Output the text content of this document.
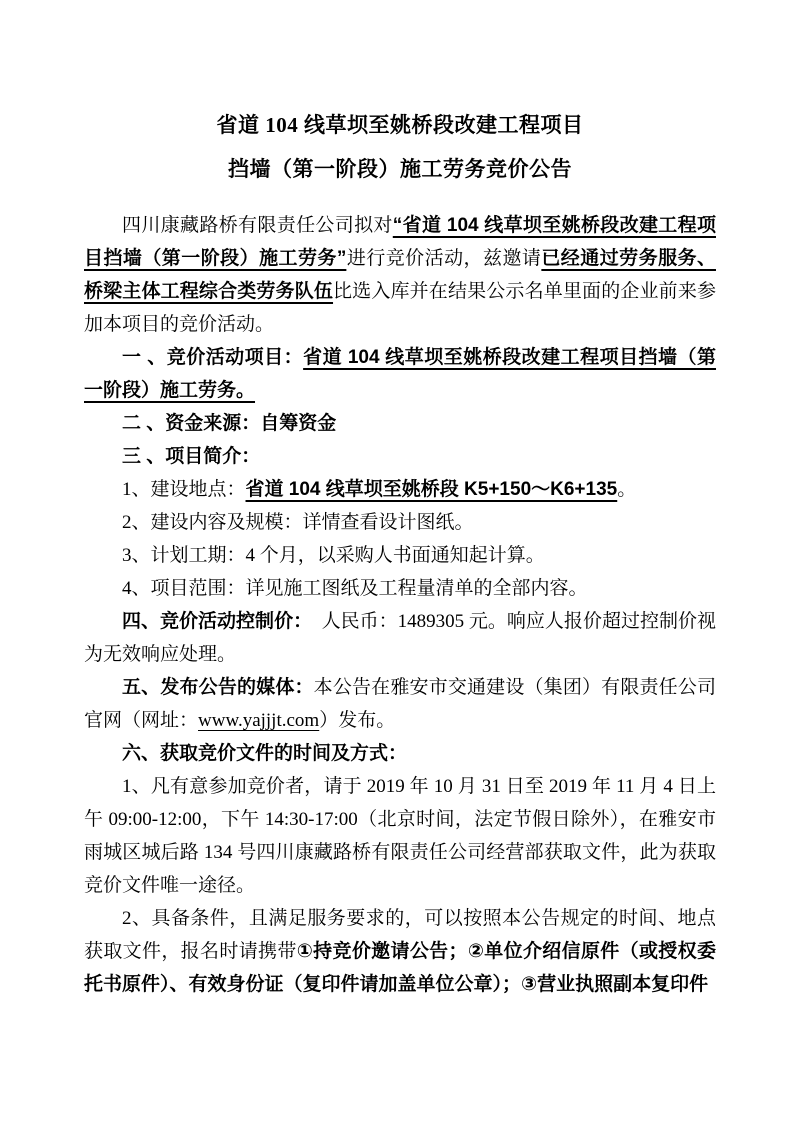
省道 104 线草坝至姚桥段改建工程项目
挡墙（第一阶段）施工劳务竞价公告

四川康藏路桥有限责任公司拟对“省道 104 线草坝至姚桥段改建工程项目挡墙（第一阶段）施工劳务”进行竞价活动，兹邀请已经通过劳务服务、桥梁主体工程综合类劳务队伍比选入库并在结果公示名单里面的企业前来参加本项目的竞价活动。

一 、竞价活动项目：省道 104 线草坝至姚桥段改建工程项目挡墙（第一阶段）施工劳务。

二 、资金来源：自筹资金

三 、项目简介：

1、建设地点：省道 104 线草坝至姚桥段 K5+150～K6+135。

2、建设内容及规模：详情查看设计图纸。

3、计划工期：4 个月，以采购人书面通知起计算。

4、项目范围：详见施工图纸及工程量清单的全部内容。

四、竞价活动控制价：　人民币：1489305 元。响应人报价超过控制价视为无效响应处理。

五、发布公告的媒体：本公告在雅安市交通建设（集团）有限责任公司官网（网址：www.yajjjt.com）发布。

六、获取竞价文件的时间及方式：

1、凡有意参加竞价者，请于 2019 年 10 月 31 日至 2019 年 11 月 4 日上午 09:00-12:00，下午 14:30-17:00（北京时间，法定节假日除外），在雅安市雨城区城后路 134 号四川康藏路桥有限责任公司经营部获取文件，此为获取竞价文件唯一途径。

2、具备条件，且满足服务要求的，可以按照本公告规定的时间、地点获取文件，报名时请携带①持竞价邀请公告；②单位介绍信原件（或授权委托书原件）、有效身份证（复印件请加盖单位公章）；③营业执照副本复印件
